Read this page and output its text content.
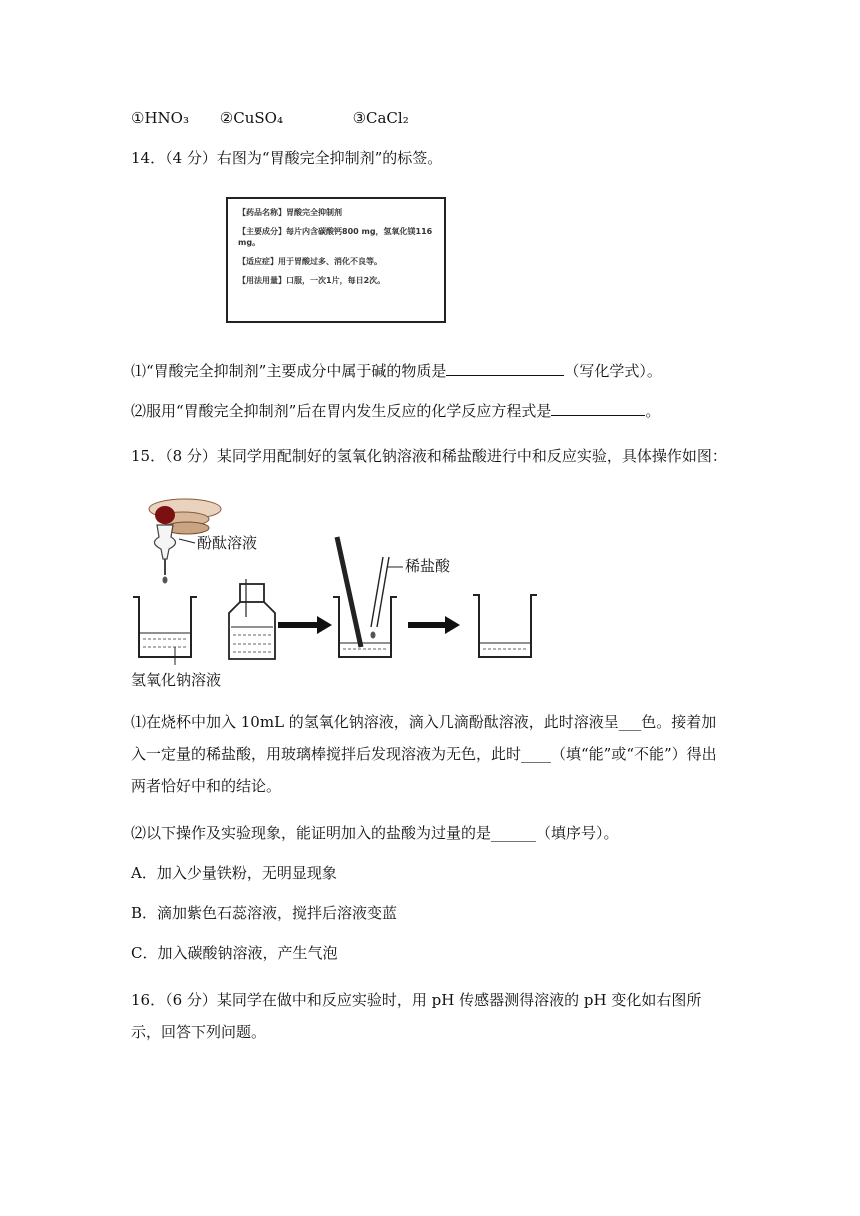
①HNO₃ ②CuSO₄	③CaCl₂
14．（4 分）右图为“胃酸完全抑制剂”的标签。

【药品名称】胃酸完全抑制剂

【主要成分】每片内含碳酸钙800 mg，氢氧化镁116 mg。

【适应症】用于胃酸过多、消化不良等。

【用法用量】口服，一次1片，每日2次。

⑴“胃酸完全抑制剂”主要成分中属于碱的物质是	（写化学式）。
⑵服用“胃酸完全抑制剂”后在胃内发生反应的化学反应方程式是	。
15．（8 分）某同学用配制好的氢氧化钠溶液和稀盐酸进行中和反应实验，具体操作如图：
酚酞溶液
氢氧化钠溶液
稀盐酸
⑴在烧杯中加入 10mL 的氢氧化钠溶液，滴入几滴酚酞溶液，此时溶液呈___色。接着加入一定量的稀盐酸，用玻璃棒搅拌后发现溶液为无色，此时____（填“能”或“不能”）得出两者恰好中和的结论。
⑵以下操作及实验现象，能证明加入的盐酸为过量的是______（填序号）。
A．加入少量铁粉，无明显现象
B．滴加紫色石蕊溶液，搅拌后溶液变蓝
C．加入碳酸钠溶液，产生气泡
16．（6 分）某同学在做中和反应实验时，用 pH 传感器测得溶液的 pH 变化如右图所示，回答下列问题。
